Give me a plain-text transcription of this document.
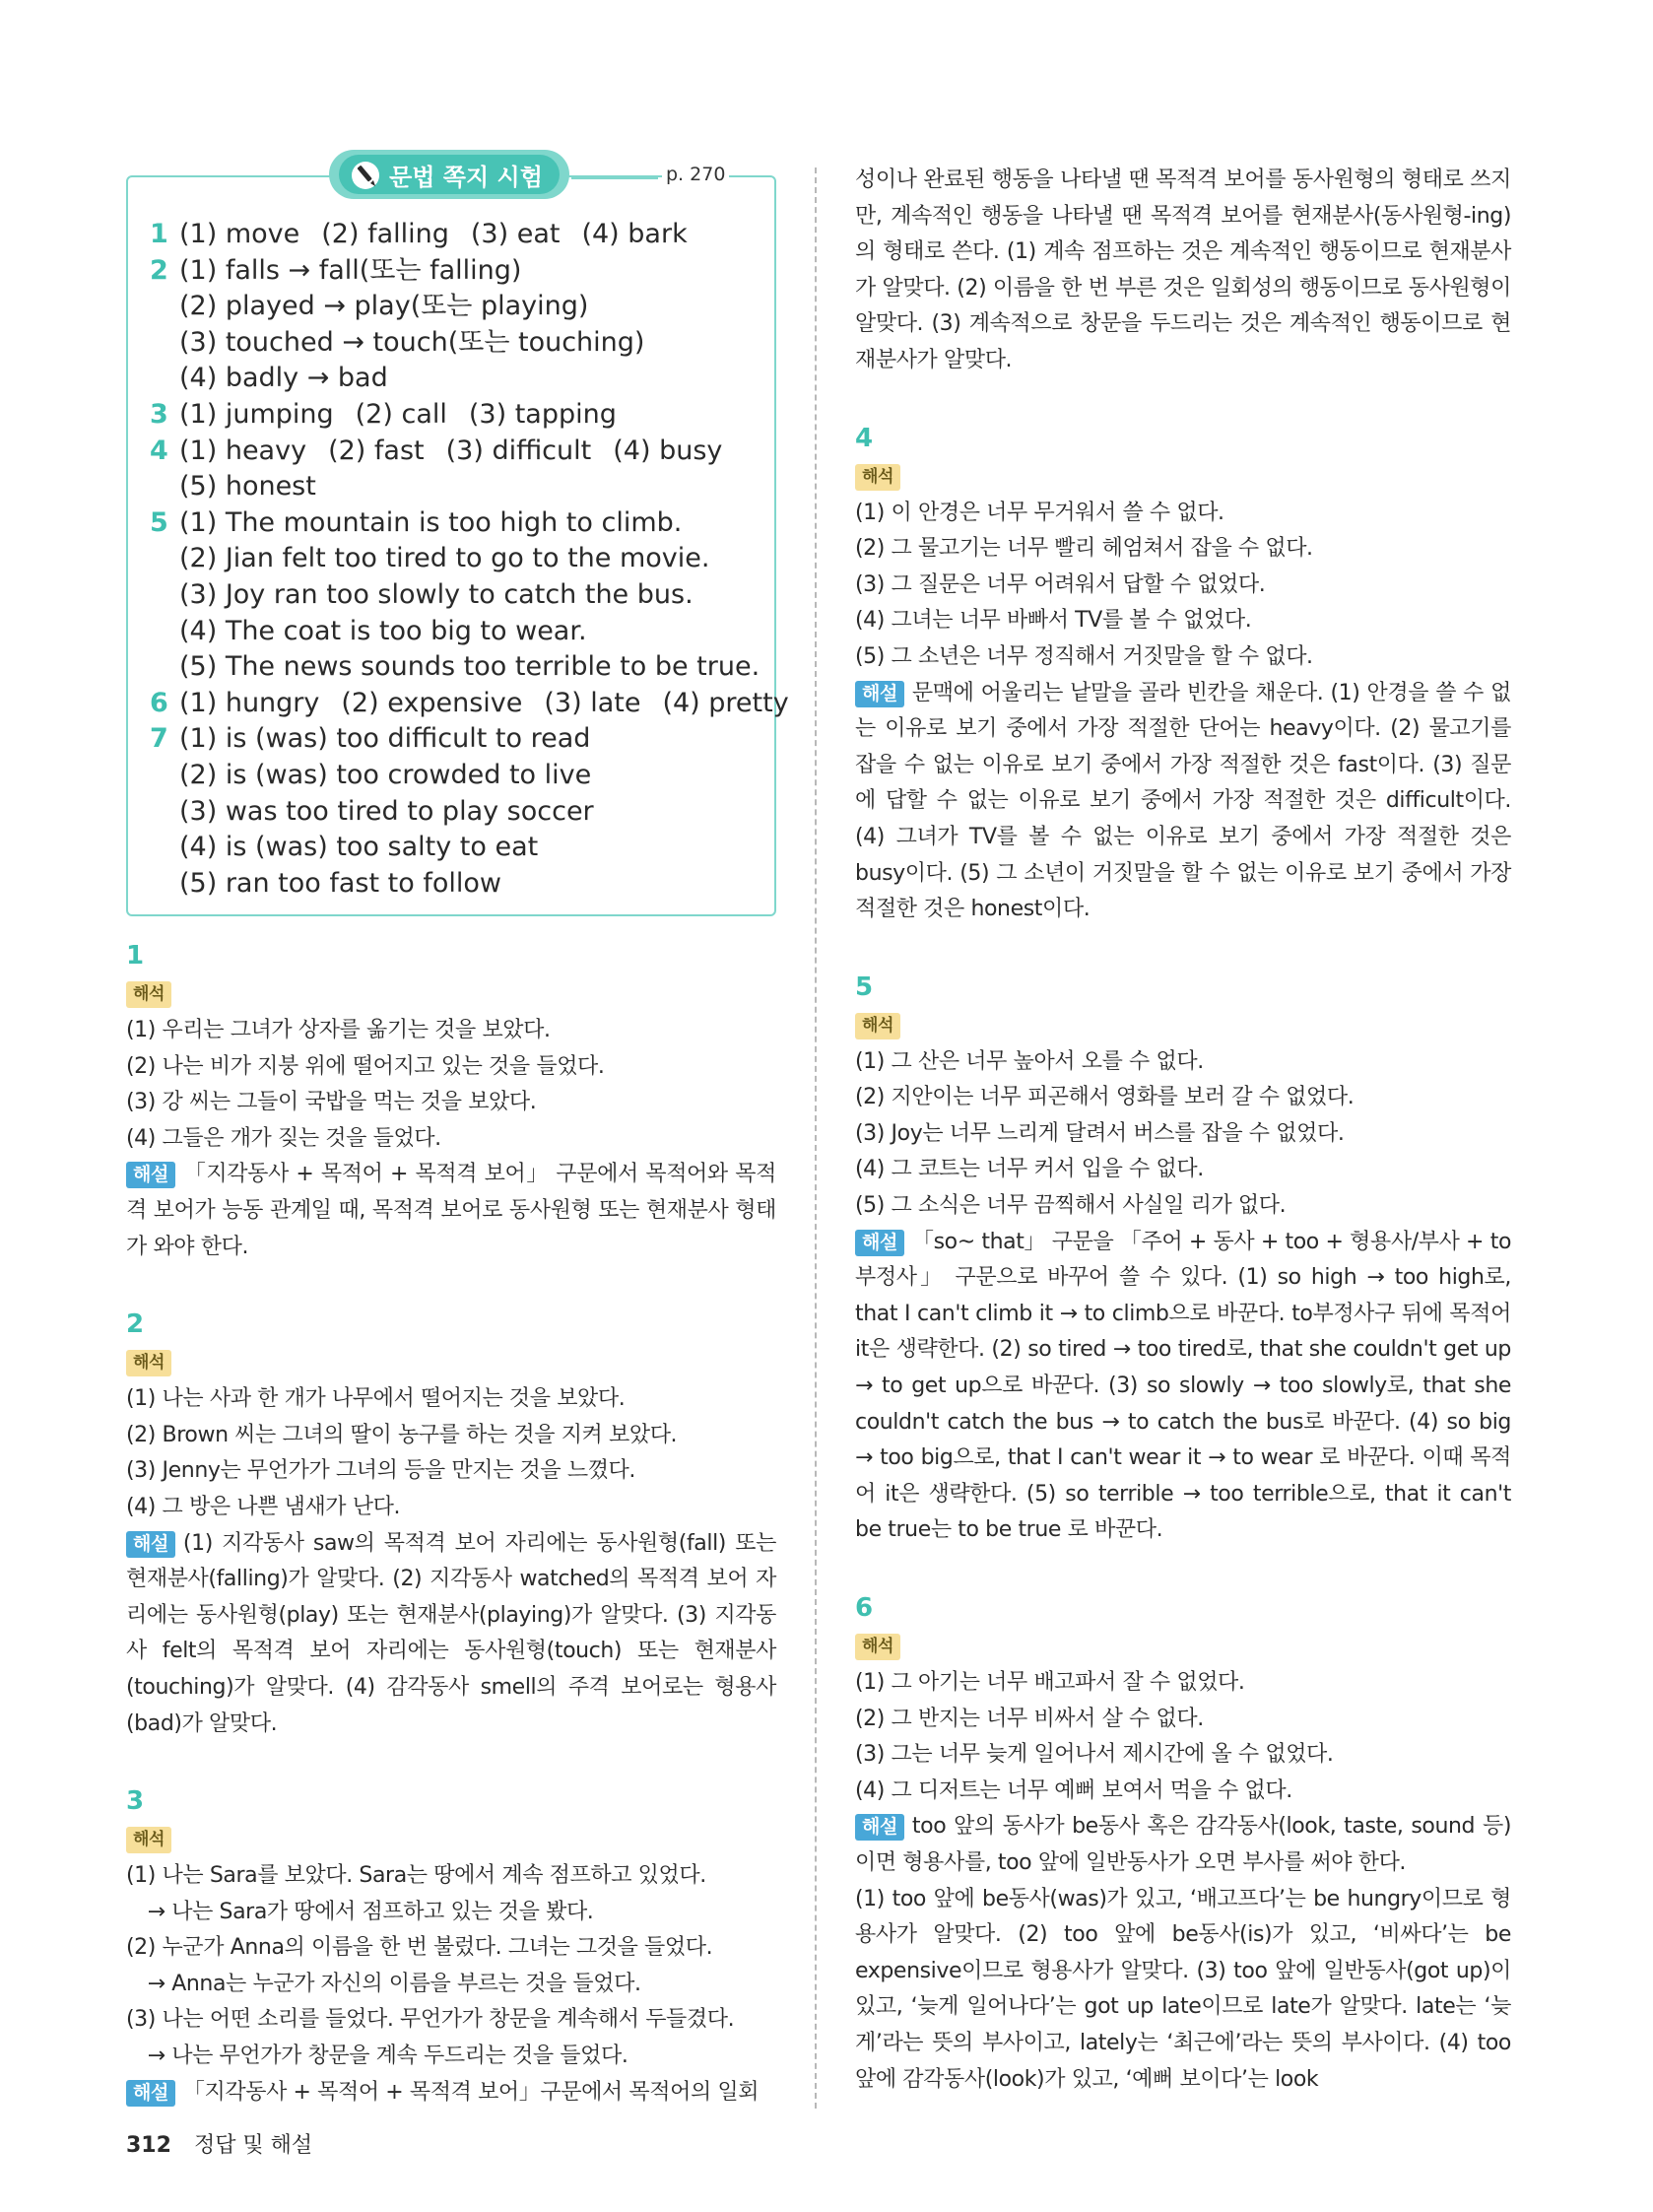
문법 쪽지 시험	p. 270
1 (1) move (2) falling (3) eat (4) bark
2 (1) falls → fall(또는 falling)
(2) played → play(또는 playing)
(3) touched → touch(또는 touching)
(4) badly → bad
3 (1) jumping (2) call (3) tapping
4 (1) heavy (2) fast (3) difficult (4) busy
(5) honest
5 (1) The mountain is too high to climb.
(2) Jian felt too tired to go to the movie.
(3) Joy ran too slowly to catch the bus.
(4) The coat is too big to wear.
(5) The news sounds too terrible to be true.
6 (1) hungry (2) expensive (3) late (4) pretty
7 (1) is (was) too difficult to read
(2) is (was) too crowded to live
(3) was too tired to play soccer
(4) is (was) too salty to eat
(5) ran too fast to follow
1
해석
(1) 우리는 그녀가 상자를 옮기는 것을 보았다.
(2) 나는 비가 지붕 위에 떨어지고 있는 것을 들었다.
(3) 강 씨는 그들이 국밥을 먹는 것을 보았다.
(4) 그들은 개가 짖는 것을 들었다.
해설 「지각동사 + 목적어 + 목적격 보어」 구문에서 목적어와 목적격 보어가 능동 관계일 때, 목적격 보어로 동사원형 또는 현재분사 형태가 와야 한다.
2
해석
(1) 나는 사과 한 개가 나무에서 떨어지는 것을 보았다.
(2) Brown 씨는 그녀의 딸이 농구를 하는 것을 지켜 보았다.
(3) Jenny는 무언가가 그녀의 등을 만지는 것을 느꼈다.
(4) 그 방은 나쁜 냄새가 난다.
해설 (1) 지각동사 saw의 목적격 보어 자리에는 동사원형(fall) 또는 현재분사(falling)가 알맞다. (2) 지각동사 watched의 목적격 보어 자리에는 동사원형(play) 또는 현재분사(playing)가 알맞다. (3) 지각동사 felt의 목적격 보어 자리에는 동사원형(touch) 또는 현재분사(touching)가 알맞다. (4) 감각동사 smell의 주격 보어로는 형용사(bad)가 알맞다.
3
해석
(1) 나는 Sara를 보았다. Sara는 땅에서 계속 점프하고 있었다.
　→ 나는 Sara가 땅에서 점프하고 있는 것을 봤다.
(2) 누군가 Anna의 이름을 한 번 불렀다. 그녀는 그것을 들었다.
　→ Anna는 누군가 자신의 이름을 부르는 것을 들었다.
(3) 나는 어떤 소리를 들었다. 무언가가 창문을 계속해서 두들겼다.
　→ 나는 무언가가 창문을 계속 두드리는 것을 들었다.
해설 「지각동사 + 목적어 + 목적격 보어」구문에서 목적어의 일회
성이나 완료된 행동을 나타낼 땐 목적격 보어를 동사원형의 형태로 쓰지만, 계속적인 행동을 나타낼 땐 목적격 보어를 현재분사(동사원형-ing)의 형태로 쓴다. (1) 계속 점프하는 것은 계속적인 행동이므로 현재분사가 알맞다. (2) 이름을 한 번 부른 것은 일회성의 행동이므로 동사원형이 알맞다. (3) 계속적으로 창문을 두드리는 것은 계속적인 행동이므로 현재분사가 알맞다.
4
해석
(1) 이 안경은 너무 무거워서 쓸 수 없다.
(2) 그 물고기는 너무 빨리 헤엄쳐서 잡을 수 없다.
(3) 그 질문은 너무 어려워서 답할 수 없었다.
(4) 그녀는 너무 바빠서 TV를 볼 수 없었다.
(5) 그 소년은 너무 정직해서 거짓말을 할 수 없다.
해설 문맥에 어울리는 낱말을 골라 빈칸을 채운다. (1) 안경을 쓸 수 없는 이유로 보기 중에서 가장 적절한 단어는 heavy이다. (2) 물고기를 잡을 수 없는 이유로 보기 중에서 가장 적절한 것은 fast이다. (3) 질문에 답할 수 없는 이유로 보기 중에서 가장 적절한 것은 difficult이다. (4) 그녀가 TV를 볼 수 없는 이유로 보기 중에서 가장 적절한 것은 busy이다. (5) 그 소년이 거짓말을 할 수 없는 이유로 보기 중에서 가장 적절한 것은 honest이다.
5
해석
(1) 그 산은 너무 높아서 오를 수 없다.
(2) 지안이는 너무 피곤해서 영화를 보러 갈 수 없었다.
(3) Joy는 너무 느리게 달려서 버스를 잡을 수 없었다.
(4) 그 코트는 너무 커서 입을 수 없다.
(5) 그 소식은 너무 끔찍해서 사실일 리가 없다.
해설 「so~ that」 구문을 「주어 + 동사 + too + 형용사/부사 + to부정사」 구문으로 바꾸어 쓸 수 있다. (1) so high → too high로, that I can't climb it → to climb으로 바꾼다. to부정사구 뒤에 목적어 it은 생략한다. (2) so tired → too tired로, that she couldn't get up → to get up으로 바꾼다. (3) so slowly → too slowly로, that she couldn't catch the bus → to catch the bus로 바꾼다. (4) so big → too big으로, that I can't wear it → to wear 로 바꾼다. 이때 목적어 it은 생략한다. (5) so terrible → too terrible으로, that it can't be true는 to be true 로 바꾼다.
6
해석
(1) 그 아기는 너무 배고파서 잘 수 없었다.
(2) 그 반지는 너무 비싸서 살 수 없다.
(3) 그는 너무 늦게 일어나서 제시간에 올 수 없었다.
(4) 그 디저트는 너무 예뻐 보여서 먹을 수 없다.
해설 too 앞의 동사가 be동사 혹은 감각동사(look, taste, sound 등)이면 형용사를, too 앞에 일반동사가 오면 부사를 써야 한다.
(1) too 앞에 be동사(was)가 있고, ‘배고프다’는 be hungry이므로 형용사가 알맞다. (2) too 앞에 be동사(is)가 있고, ‘비싸다’는 be expensive이므로 형용사가 알맞다. (3) too 앞에 일반동사(got up)이 있고, ‘늦게 일어나다’는 got up late이므로 late가 알맞다. late는 ‘늦게’라는 뜻의 부사이고, lately는 ‘최근에’라는 뜻의 부사이다. (4) too 앞에 감각동사(look)가 있고, ‘예뻐 보이다’는 look
312 정답 및 해설
